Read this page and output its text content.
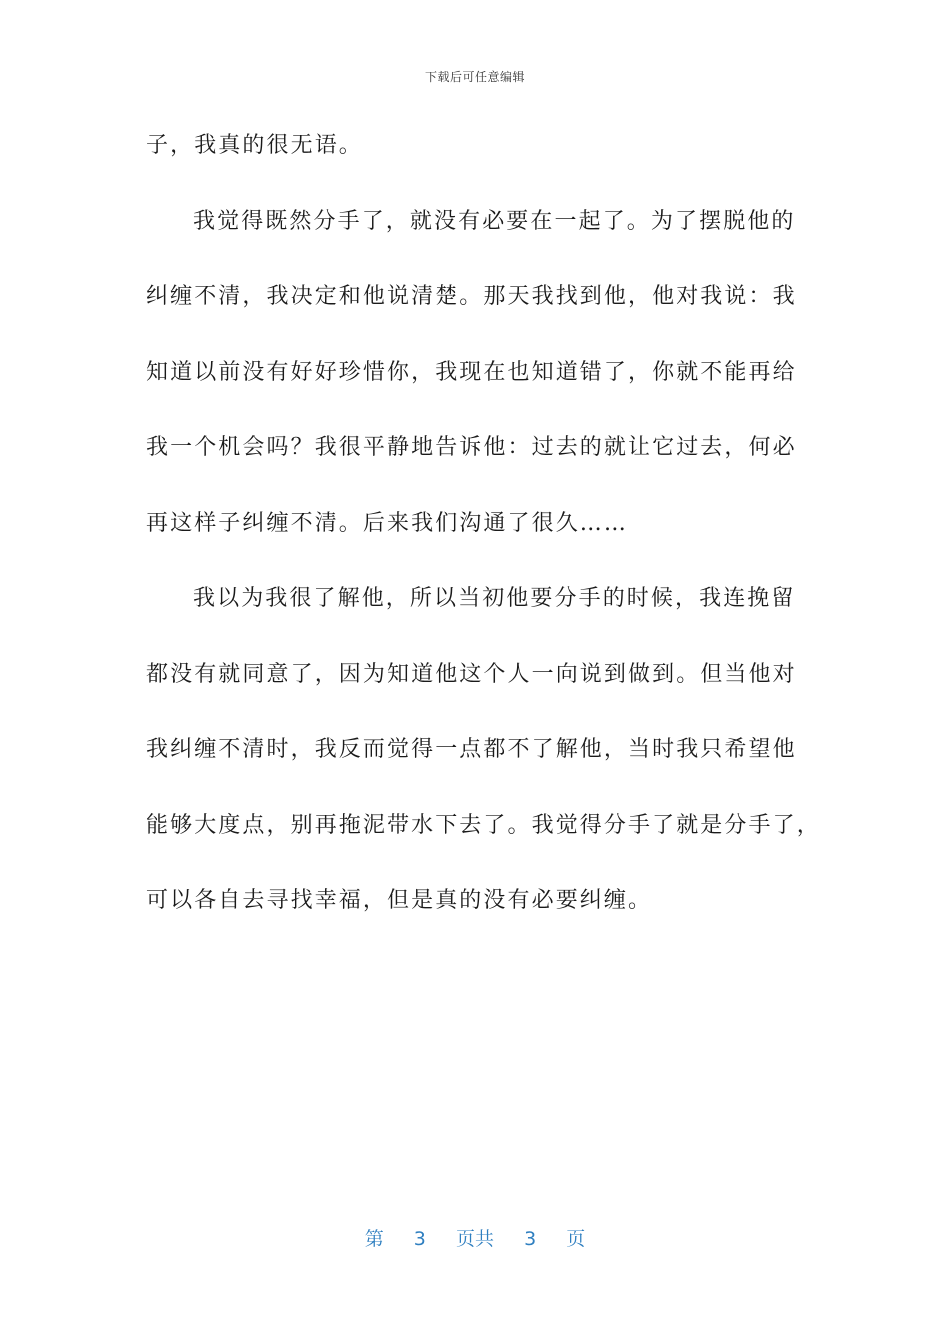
下载后可任意编辑
子，我真的很无语。
我觉得既然分手了，就没有必要在一起了。为了摆脱他的
纠缠不清，我决定和他说清楚。那天我找到他，他对我说：我
知道以前没有好好珍惜你，我现在也知道错了，你就不能再给
我一个机会吗？我很平静地告诉他：过去的就让它过去，何必
再这样子纠缠不清。后来我们沟通了很久……
我以为我很了解他，所以当初他要分手的时候，我连挽留
都没有就同意了，因为知道他这个人一向说到做到。但当他对
我纠缠不清时，我反而觉得一点都不了解他，当时我只希望他
能够大度点，别再拖泥带水下去了。我觉得分手了就是分手了，
可以各自去寻找幸福，但是真的没有必要纠缠。
第 3 页共 3 页
